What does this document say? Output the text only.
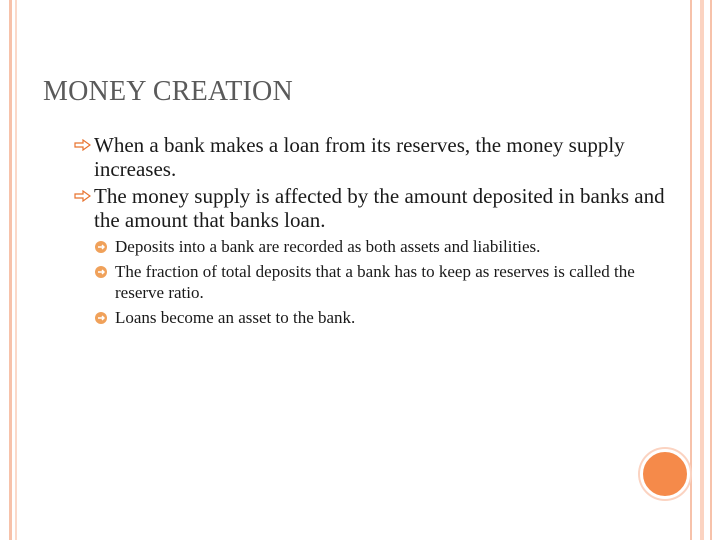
MONEY CREATION
When a bank makes a loan from its reserves, the money supply increases.
The money supply is affected by the amount deposited in banks and the amount that banks loan.
Deposits into a bank are recorded as both assets and liabilities.
The fraction of total deposits that a bank has to keep as reserves is called the reserve ratio.
Loans become an asset to the bank.
